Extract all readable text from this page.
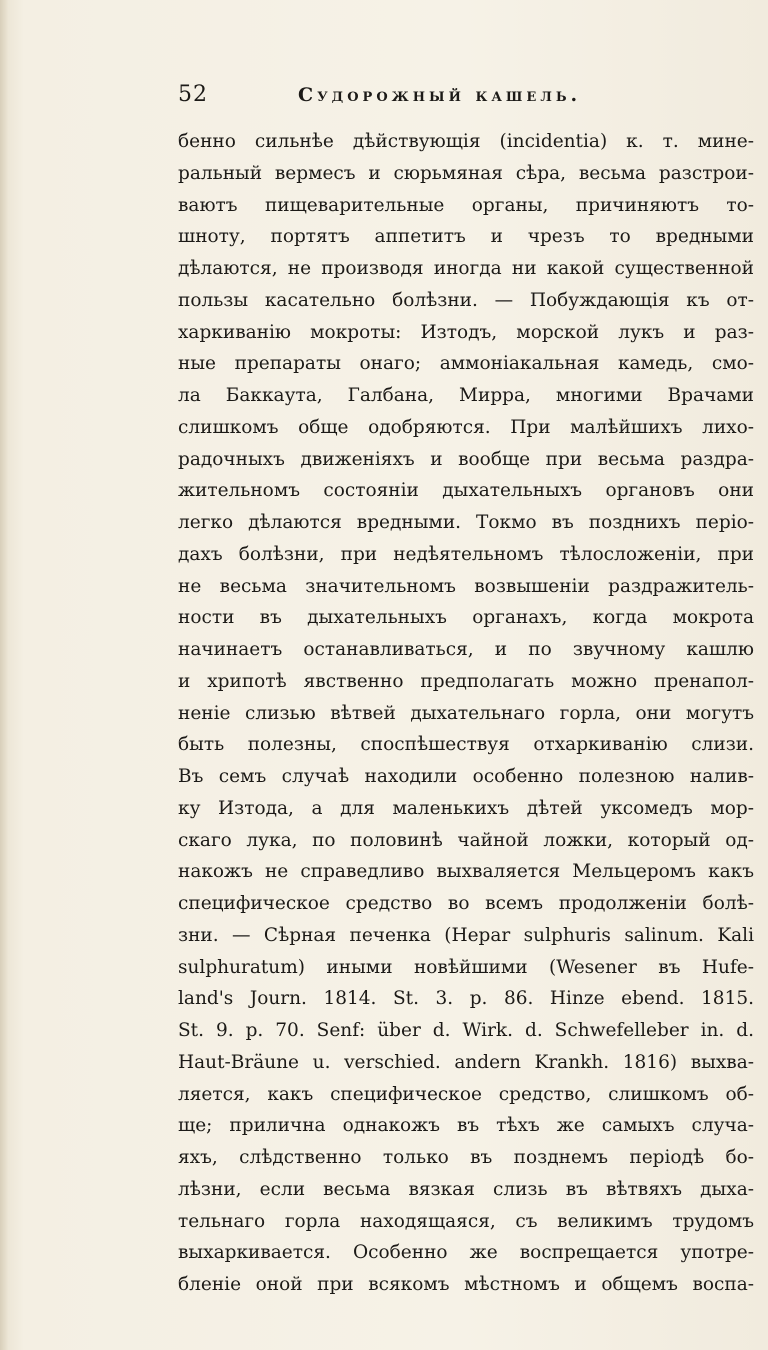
52	Судорожный кашель.
бенно сильнѣе дѣйствующія (incidentia) к. т. мине-
ральный вермесъ и сюрьмяная сѣра, весьма разстрои-
ваютъ пищеварительные органы, причиняютъ то-
шноту, портятъ аппетитъ и чрезъ то вредными
дѣлаются, не производя иногда ни какой существенной
пользы касательно болѣзни. — Побуждающія къ от-
харкиванію мокроты: Изтодъ, морской лукъ и раз-
ные препараты онаго; аммоніакальная камедь, смо-
ла Баккаута, Галбана, Мирра, многими Врачами
слишкомъ обще одобряются. При малѣйшихъ лихо-
радочныхъ движеніяхъ и вообще при весьма раздра-
жительномъ состояніи дыхательныхъ органовъ они
легко дѣлаются вредными. Токмо въ позднихъ періо-
дахъ болѣзни, при недѣятельномъ тѣлосложеніи, при
не весьма значительномъ возвышеніи раздражитель-
ности въ дыхательныхъ органахъ, когда мокрота
начинаетъ останавливаться, и по звучному кашлю
и хрипотѣ явственно предполагать можно пренапол-
неніе слизью вѣтвей дыхательнаго горла, они могутъ
быть полезны, споспѣшествуя отхаркиванію слизи.
Въ семъ случаѣ находили особенно полезною налив-
ку Изтода, а для маленькихъ дѣтей уксомедъ мор-
скаго лука, по половинѣ чайной ложки, который од-
накожъ не справедливо выхваляется Мельцеромъ какъ
специфическое средство во всемъ продолженіи болѣ-
зни. — Сѣрная печенка (Hepar sulphuris salinum. Kali
sulphuratum) иными новѣйшими (Wesener въ Hufe-
land's Journ. 1814. St. 3. p. 86. Hinze ebend. 1815.
St. 9. p. 70. Senf: über d. Wirk. d. Schwefelleber in. d.
Haut-Bräune u. verschied. andern Krankh. 1816) выхва-
ляется, какъ специфическое средство, слишкомъ об-
ще; прилична однакожъ въ тѣхъ же самыхъ случа-
яхъ, слѣдственно только въ позднемъ періодѣ бо-
лѣзни, если весьма вязкая слизь въ вѣтвяхъ дыха-
тельнаго горла находящаяся, съ великимъ трудомъ
выхаркивается. Особенно же воспрещается употре-
бленіе оной при всякомъ мѣстномъ и общемъ воспа-
